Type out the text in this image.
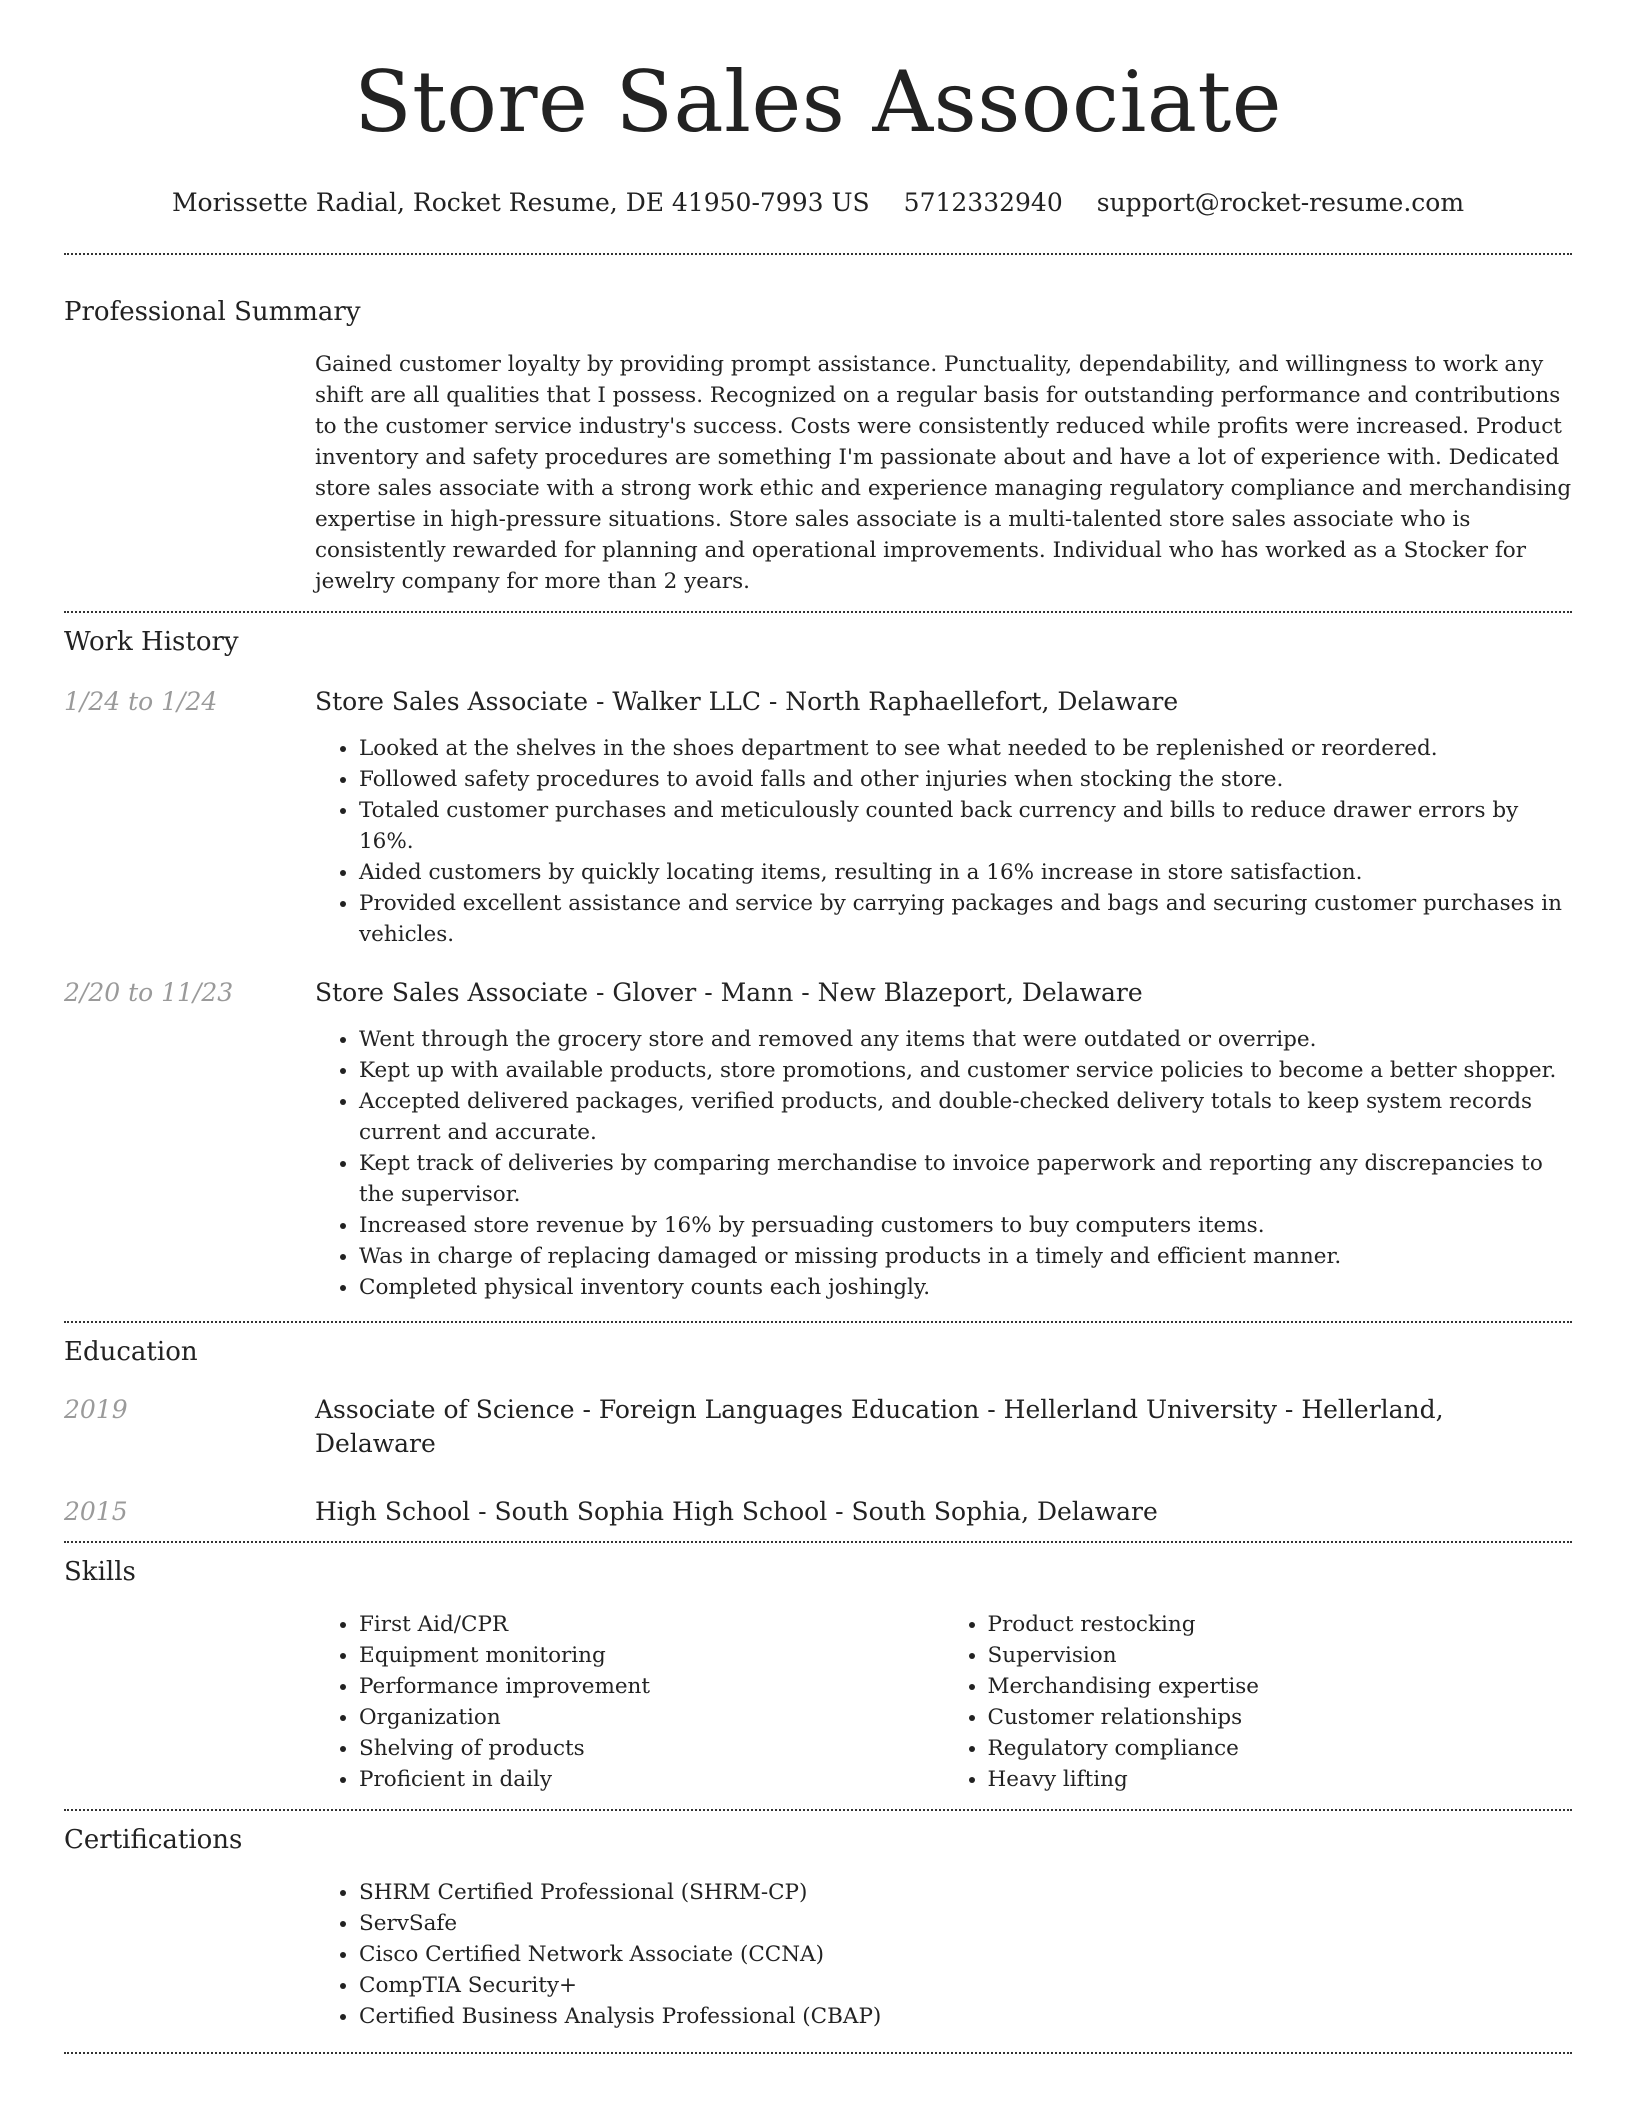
Store Sales Associate
Morissette Radial, Rocket Resume, DE 41950-7993 US 5712332940 support@rocket-resume.com
Professional Summary

Gained customer loyalty by providing prompt assistance. Punctuality, dependability, and willingness to work any shift are all qualities that I possess. Recognized on a regular basis for outstanding performance and contributions to the customer service industry's success. Costs were consistently reduced while profits were increased. Product inventory and safety procedures are something I'm passionate about and have a lot of experience with. Dedicated store sales associate with a strong work ethic and experience managing regulatory compliance and merchandising expertise in high-pressure situations. Store sales associate is a multi-talented store sales associate who is consistently rewarded for planning and operational improvements. Individual who has worked as a Stocker for jewelry company for more than 2 years.

Work History
1/24 to 1/24	Store Sales Associate - Walker LLC - North Raphaellefort, Delaware
• Looked at the shelves in the shoes department to see what needed to be replenished or reordered.
• Followed safety procedures to avoid falls and other injuries when stocking the store.
• Totaled customer purchases and meticulously counted back currency and bills to reduce drawer errors by 16%.
• Aided customers by quickly locating items, resulting in a 16% increase in store satisfaction.
• Provided excellent assistance and service by carrying packages and bags and securing customer purchases in vehicles.
2/20 to 11/23	Store Sales Associate - Glover - Mann - New Blazeport, Delaware
• Went through the grocery store and removed any items that were outdated or overripe.
• Kept up with available products, store promotions, and customer service policies to become a better shopper.
• Accepted delivered packages, verified products, and double-checked delivery totals to keep system records current and accurate.
• Kept track of deliveries by comparing merchandise to invoice paperwork and reporting any discrepancies to the supervisor.
• Increased store revenue by 16% by persuading customers to buy computers items.
• Was in charge of replacing damaged or missing products in a timely and efficient manner.
• Completed physical inventory counts each joshingly.
Education
2019	Associate of Science - Foreign Languages Education - Hellerland University - Hellerland, Delaware
2015	High School - South Sophia High School - South Sophia, Delaware
Skills
• First Aid/CPR
• Equipment monitoring
• Performance improvement
• Organization
• Shelving of products
• Proficient in daily
• Product restocking
• Supervision
• Merchandising expertise
• Customer relationships
• Regulatory compliance
• Heavy lifting
Certifications
• SHRM Certified Professional (SHRM-CP)
• ServSafe
• Cisco Certified Network Associate (CCNA)
• CompTIA Security+
• Certified Business Analysis Professional (CBAP)
